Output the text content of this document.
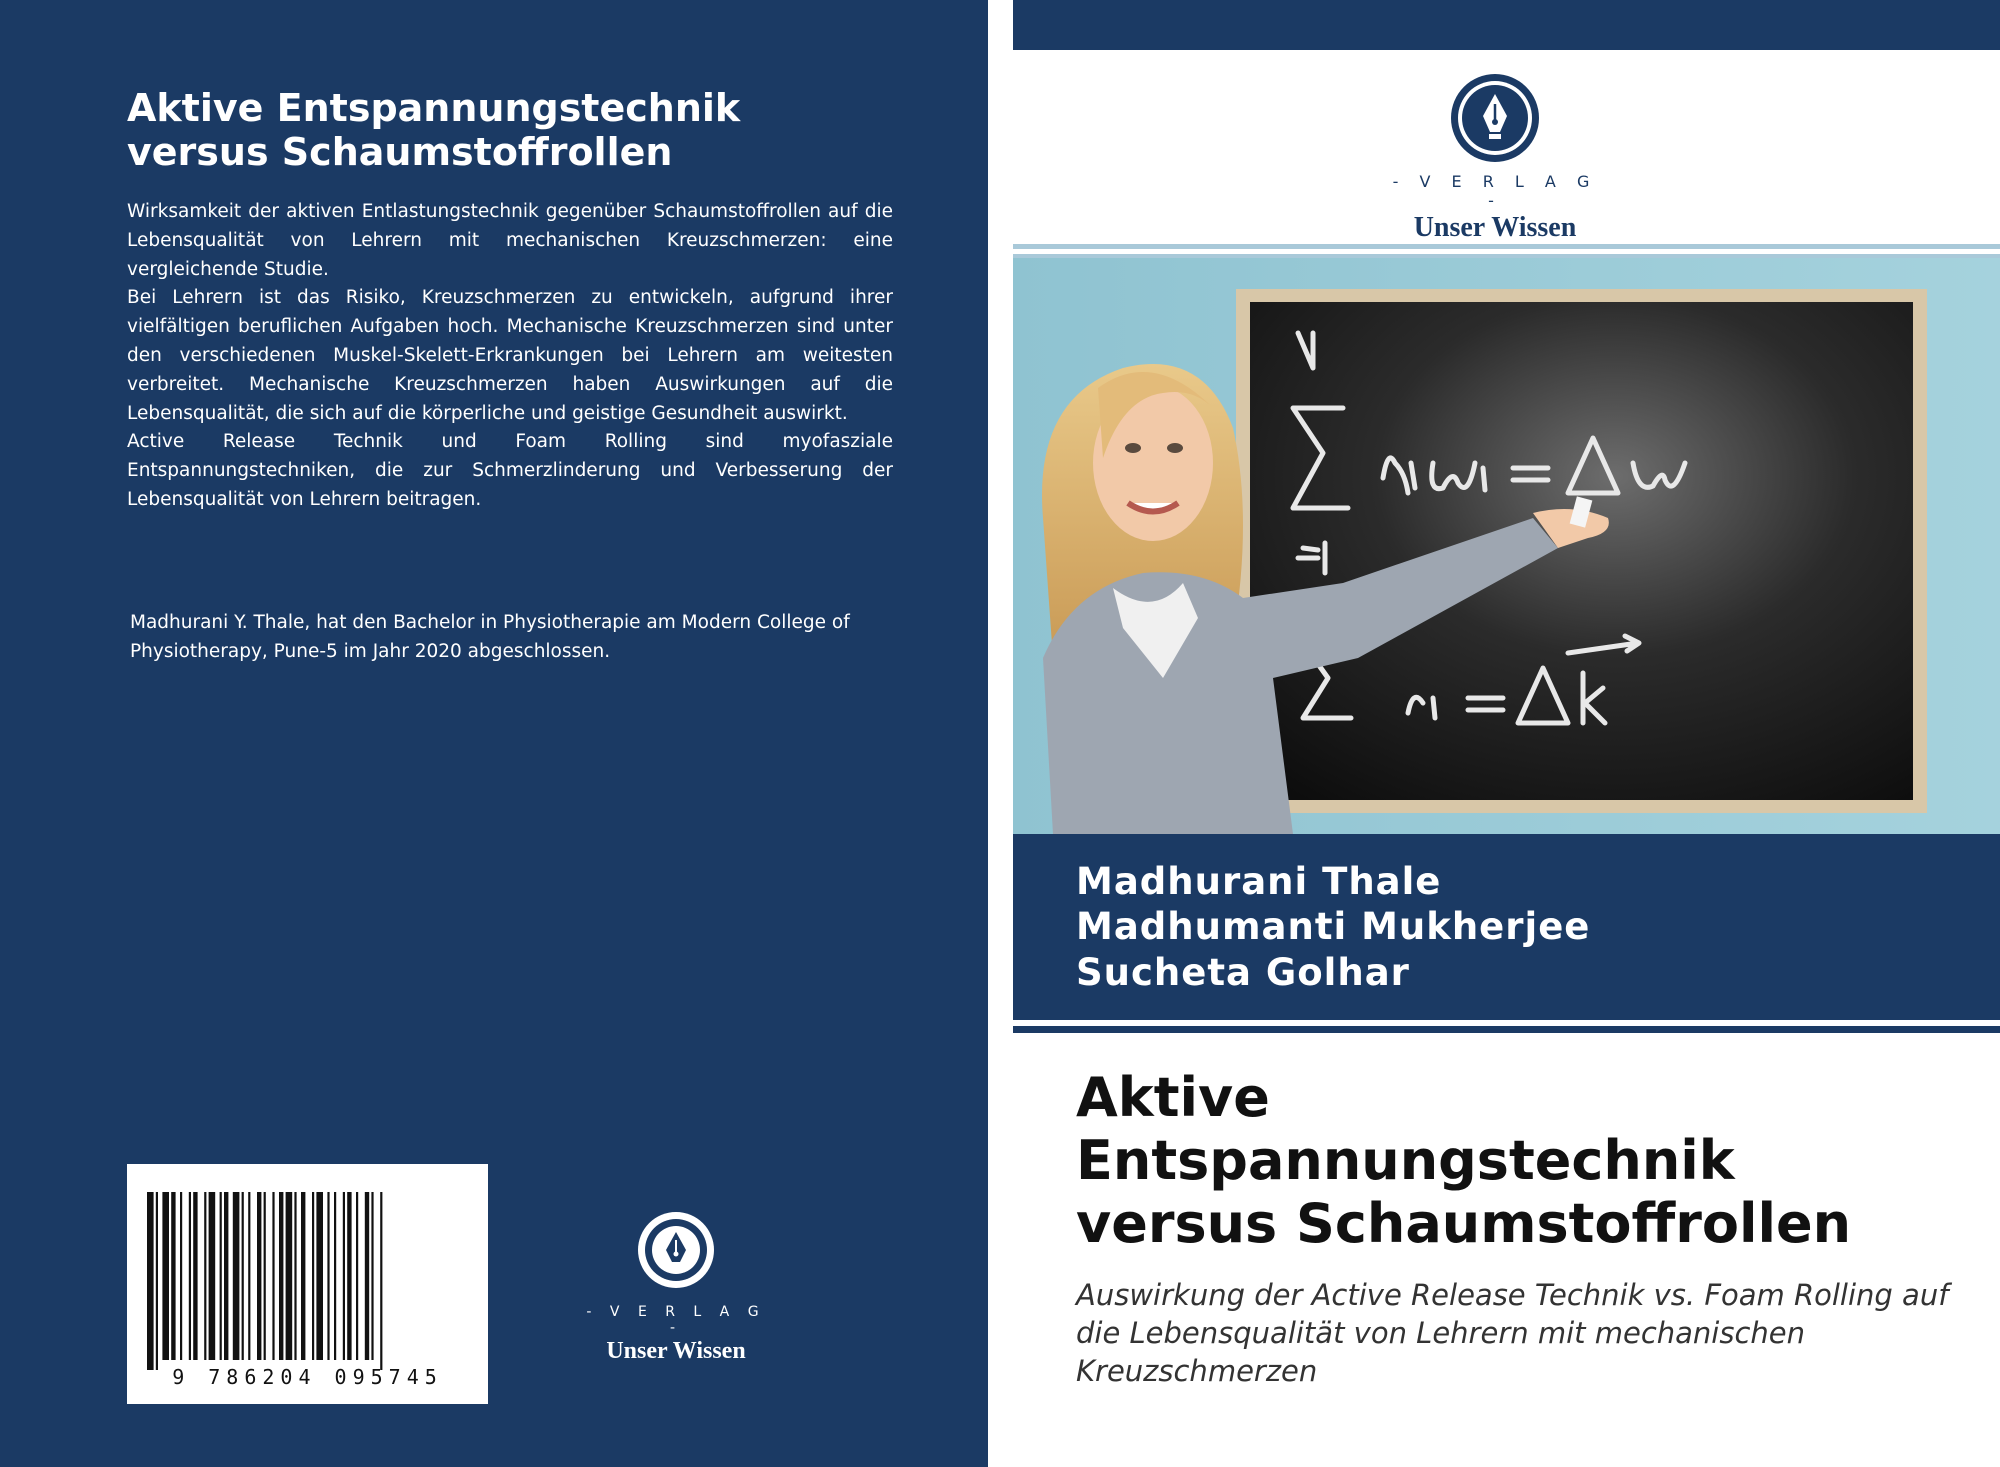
Aktive Entspannungstechnik
versus Schaumstoffrollen

Wirksamkeit der aktiven Entlastungstechnik gegenüber Schaumstoffrollen auf die Lebensqualität von Lehrern mit mechanischen Kreuzschmerzen: eine vergleichende Studie.

Bei Lehrern ist das Risiko, Kreuzschmerzen zu entwickeln, aufgrund ihrer vielfältigen beruflichen Aufgaben hoch. Mechanische Kreuzschmerzen sind unter den verschiedenen Muskel-Skelett-Erkrankungen bei Lehrern am weitesten verbreitet. Mechanische Kreuzschmerzen haben Auswirkungen auf die Lebensqualität, die sich auf die körperliche und geistige Gesundheit auswirkt.

Active Release Technik und Foam Rolling sind myofasziale Entspannungstechniken, die zur Schmerzlinderung und Verbesserung der Lebensqualität von Lehrern beitragen.

Madhurani Y. Thale, hat den Bachelor in Physiotherapie am Modern College of Physiotherapy, Pune-5 im Jahr 2020 abgeschlossen.

9 786204 095745
- V E R L A G -
Unser Wissen
- V E R L A G -
Unser Wissen

Madhurani Thale

Madhumanti Mukherjee

Sucheta Golhar

Aktive
Entspannungstechnik
versus Schaumstoffrollen

Auswirkung der Active Release Technik vs. Foam Rolling auf die Lebensqualität von Lehrern mit mechanischen Kreuzschmerzen
